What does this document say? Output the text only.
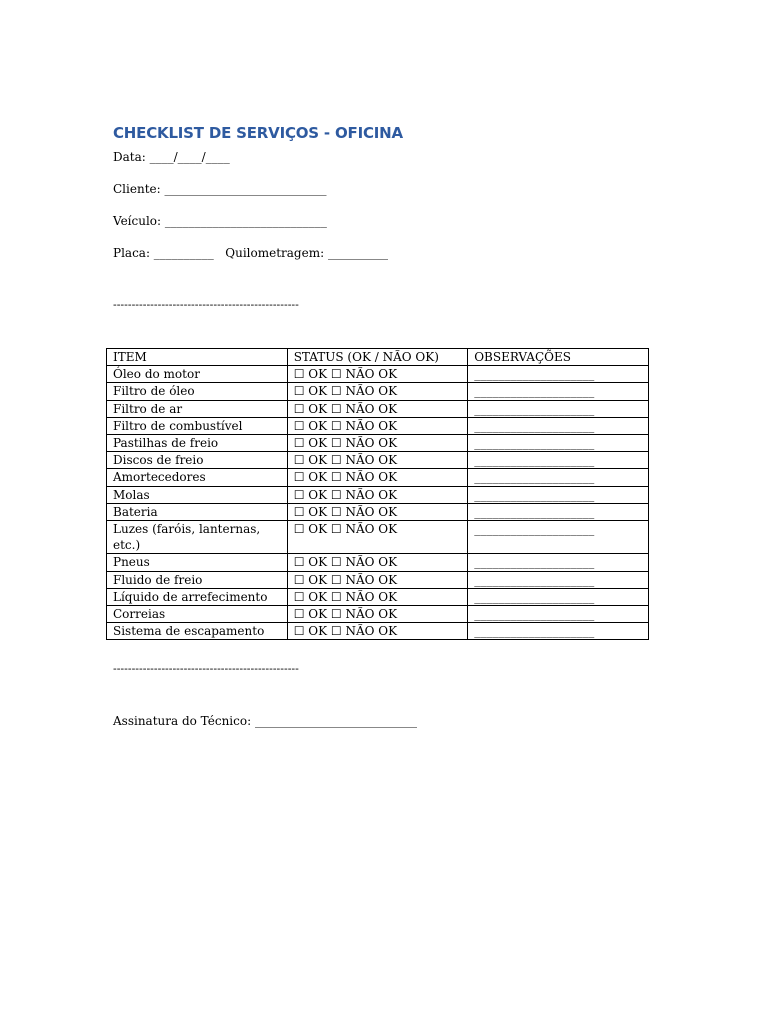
CHECKLIST DE SERVIÇOS - OFICINA
Data: ____/____/____
Cliente: ___________________________
Veículo: ___________________________
Placa: __________ Quilometragem: __________
--------------------------------------------------
ITEM	STATUS (OK / NÃO OK)	OBSERVAÇÕES
Óleo do motor	☐ OK ☐ NÃO OK	____________________
Filtro de óleo	☐ OK ☐ NÃO OK	____________________
Filtro de ar	☐ OK ☐ NÃO OK	____________________
Filtro de combustível	☐ OK ☐ NÃO OK	____________________
Pastilhas de freio	☐ OK ☐ NÃO OK	____________________
Discos de freio	☐ OK ☐ NÃO OK	____________________
Amortecedores	☐ OK ☐ NÃO OK	____________________
Molas	☐ OK ☐ NÃO OK	____________________
Bateria	☐ OK ☐ NÃO OK	____________________
Luzes (faróis, lanternas, etc.)	☐ OK ☐ NÃO OK	____________________
Pneus	☐ OK ☐ NÃO OK	____________________
Fluido de freio	☐ OK ☐ NÃO OK	____________________
Líquido de arrefecimento	☐ OK ☐ NÃO OK	____________________
Correias	☐ OK ☐ NÃO OK	____________________
Sistema de escapamento	☐ OK ☐ NÃO OK	____________________
--------------------------------------------------
Assinatura do Técnico: ___________________________
